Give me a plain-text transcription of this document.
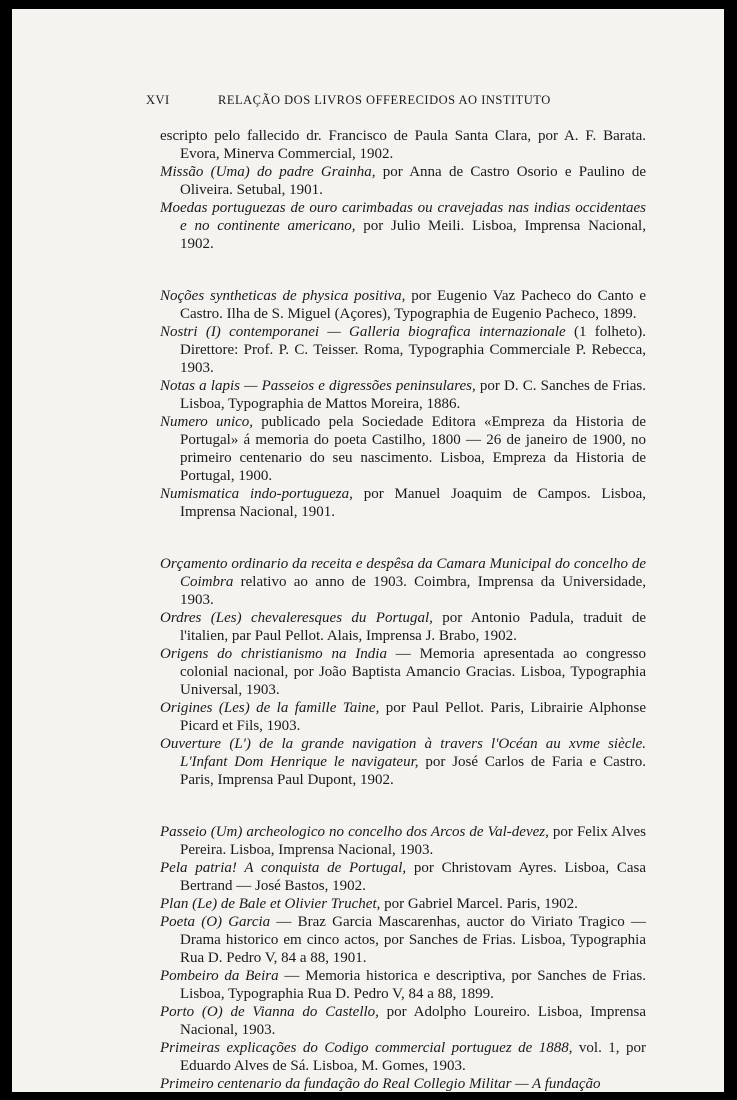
XVI	RELAÇÃO DOS LIVROS OFFERECIDOS AO INSTITUTO
escripto pelo fallecido dr. Francisco de Paula Santa Clara, por A. F. Barata. Evora, Minerva Commercial, 1902.
Missão (Uma) do padre Grainha, por Anna de Castro Osorio e Paulino de Oliveira. Setubal, 1901.
Moedas portuguezas de ouro carimbadas ou cravejadas nas indias occidentaes e no continente americano, por Julio Meili. Lisboa, Imprensa Nacional, 1902.
Noções syntheticas de physica positiva, por Eugenio Vaz Pacheco do Canto e Castro. Ilha de S. Miguel (Açores), Typographia de Eugenio Pacheco, 1899.
Nostri (I) contemporanei — Galleria biografica internazionale (1 folheto). Direttore: Prof. P. C. Teisser. Roma, Typographia Commerciale P. Rebecca, 1903.
Notas a lapis — Passeios e digressões peninsulares, por D. C. Sanches de Frias. Lisboa, Typographia de Mattos Moreira, 1886.
Numero unico, publicado pela Sociedade Editora «Empreza da Historia de Portugal» á memoria do poeta Castilho, 1800 — 26 de janeiro de 1900, no primeiro centenario do seu nascimento. Lisboa, Empreza da Historia de Portugal, 1900.
Numismatica indo-portugueza, por Manuel Joaquim de Campos. Lisboa, Imprensa Nacional, 1901.
Orçamento ordinario da receita e despêsa da Camara Municipal do concelho de Coimbra relativo ao anno de 1903. Coimbra, Imprensa da Universidade, 1903.
Ordres (Les) chevaleresques du Portugal, por Antonio Padula, traduit de l'italien, par Paul Pellot. Alais, Imprensa J. Brabo, 1902.
Origens do christianismo na India — Memoria apresentada ao congresso colonial nacional, por João Baptista Amancio Gracias. Lisboa, Typographia Universal, 1903.
Origines (Les) de la famille Taine, por Paul Pellot. Paris, Librairie Alphonse Picard et Fils, 1903.
Ouverture (L') de la grande navigation à travers l'Océan au xvme siècle. L'Infant Dom Henrique le navigateur, por José Carlos de Faria e Castro. Paris, Imprensa Paul Dupont, 1902.
Passeio (Um) archeologico no concelho dos Arcos de Val-devez, por Felix Alves Pereira. Lisboa, Imprensa Nacional, 1903.
Pela patria! A conquista de Portugal, por Christovam Ayres. Lisboa, Casa Bertrand — José Bastos, 1902.
Plan (Le) de Bale et Olivier Truchet, por Gabriel Marcel. Paris, 1902.
Poeta (O) Garcia — Braz Garcia Mascarenhas, auctor do Viriato Tragico — Drama historico em cinco actos, por Sanches de Frias. Lisboa, Typographia Rua D. Pedro V, 84 a 88, 1901.
Pombeiro da Beira — Memoria historica e descriptiva, por Sanches de Frias. Lisboa, Typographia Rua D. Pedro V, 84 a 88, 1899.
Porto (O) de Vianna do Castello, por Adolpho Loureiro. Lisboa, Imprensa Nacional, 1903.
Primeiras explicações do Codigo commercial portuguez de 1888, vol. 1, por Eduardo Alves de Sá. Lisboa, M. Gomes, 1903.
Primeiro centenario da fundação do Real Collegio Militar — A fundação
